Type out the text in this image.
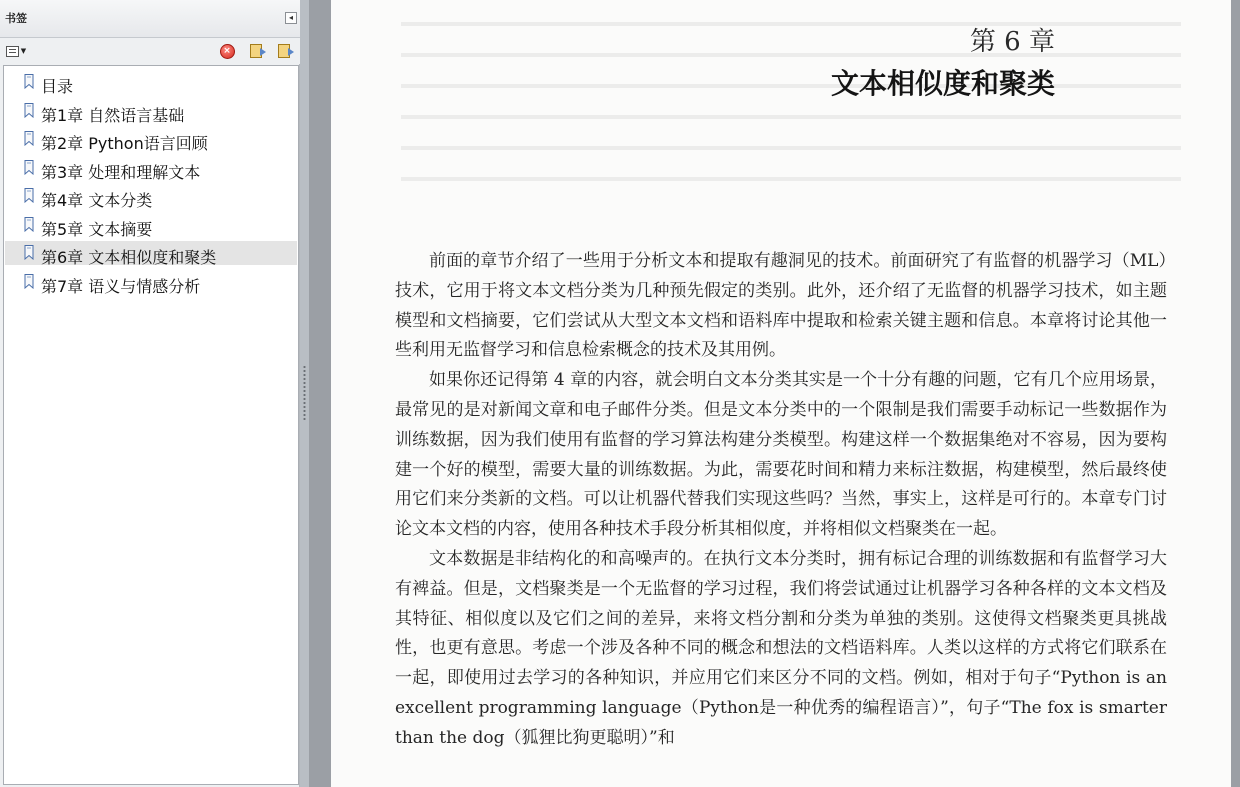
书签	◂
▼	×
目录
第1章 自然语言基础
第2章 Python语言回顾
第3章 处理和理解文本
第4章 文本分类
第5章 文本摘要
第6章 文本相似度和聚类
第7章 语义与情感分析
第 6 章
文本相似度和聚类

前面的章节介绍了一些用于分析文本和提取有趣洞见的技术。前面研究了有监督的机器学习（ML）技术，它用于将文本文档分类为几种预先假定的类别。此外，还介绍了无监督的机器学习技术，如主题模型和文档摘要，它们尝试从大型文本文档和语料库中提取和检索关键主题和信息。本章将讨论其他一些利用无监督学习和信息检索概念的技术及其用例。

如果你还记得第 4 章的内容，就会明白文本分类其实是一个十分有趣的问题，它有几个应用场景，最常见的是对新闻文章和电子邮件分类。但是文本分类中的一个限制是我们需要手动标记一些数据作为训练数据，因为我们使用有监督的学习算法构建分类模型。构建这样一个数据集绝对不容易，因为要构建一个好的模型，需要大量的训练数据。为此，需要花时间和精力来标注数据，构建模型，然后最终使用它们来分类新的文档。可以让机器代替我们实现这些吗？当然，事实上，这样是可行的。本章专门讨论文本文档的内容，使用各种技术手段分析其相似度，并将相似文档聚类在一起。

文本数据是非结构化的和高噪声的。在执行文本分类时，拥有标记合理的训练数据和有监督学习大有裨益。但是，文档聚类是一个无监督的学习过程，我们将尝试通过让机器学习各种各样的文本文档及其特征、相似度以及它们之间的差异，来将文档分割和分类为单独的类别。这使得文档聚类更具挑战性，也更有意思。考虑一个涉及各种不同的概念和想法的文档语料库。人类以这样的方式将它们联系在一起，即使用过去学习的各种知识，并应用它们来区分不同的文档。例如，相对于句子“Python is an excellent programming language（Python是一种优秀的编程语言）”，句子“The fox is smarter than the dog（狐狸比狗更聪明）”和
